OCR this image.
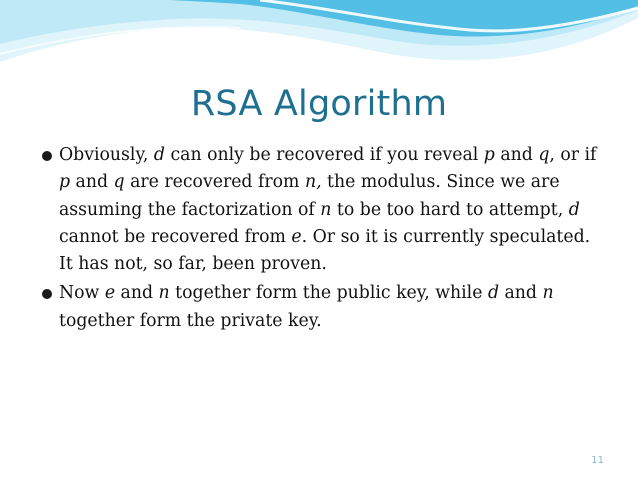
RSA Algorithm
Obviously, d can only be recovered if you reveal p and q, or if p and q are recovered from n, the modulus. Since we are assuming the factorization of n to be too hard to attempt, d cannot be recovered from e. Or so it is currently speculated. It has not, so far, been proven.
Now e and n together form the public key, while d and n together form the private key.
11
